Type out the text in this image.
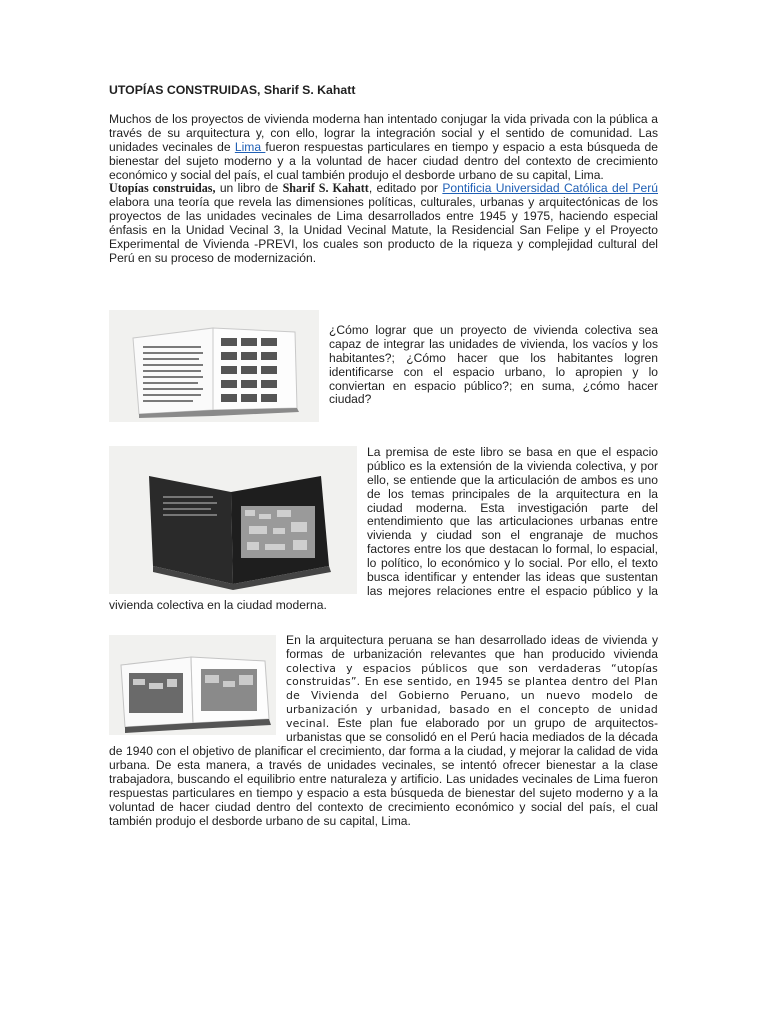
UTOPÍAS CONSTRUIDAS, Sharif S. Kahatt

Muchos de los proyectos de vivienda moderna han intentado conjugar la vida privada con la pública a través de su arquitectura y, con ello, lograr la integración social y el sentido de comunidad. Las unidades vecinales de Lima fueron respuestas particulares en tiempo y espacio a esta búsqueda de bienestar del sujeto moderno y a la voluntad de hacer ciudad dentro del contexto de crecimiento económico y social del país, el cual también produjo el desborde urbano de su capital, Lima.

Utopías construidas, un libro de Sharif S. Kahatt, editado por Pontificia Universidad Católica del Perú elabora una teoría que revela las dimensiones políticas, culturales, urbanas y arquitectónicas de los proyectos de las unidades vecinales de Lima desarrollados entre 1945 y 1975, haciendo especial énfasis en la Unidad Vecinal 3, la Unidad Vecinal Matute, la Residencial San Felipe y el Proyecto Experimental de Vivienda -PREVI, los cuales son producto de la riqueza y complejidad cultural del Perú en su proceso de modernización.

¿Cómo lograr que un proyecto de vivienda colectiva sea capaz de integrar las unidades de vivienda, los vacíos y los habitantes?; ¿Cómo hacer que los habitantes logren identificarse con el espacio urbano, lo apropien y lo conviertan en espacio público?; en suma, ¿cómo hacer ciudad?

La premisa de este libro se basa en que el espacio público es la extensión de la vivienda colectiva, y por ello, se entiende que la articulación de ambos es uno de los temas principales de la arquitectura en la ciudad moderna. Esta investigación parte del entendimiento que las articulaciones urbanas entre vivienda y ciudad son el engranaje de muchos factores entre los que destacan lo formal, lo espacial, lo político, lo económico y lo social. Por ello, el texto busca identificar y entender las ideas que sustentan las mejores relaciones entre el espacio público y la vivienda colectiva en la ciudad moderna.

En la arquitectura peruana se han desarrollado ideas de vivienda y formas de urbanización relevantes que han producido vivienda colectiva y espacios públicos que son verdaderas “utopías construidas”. En ese sentido, en 1945 se plantea dentro del Plan de Vivienda del Gobierno Peruano, un nuevo modelo de urbanización y urbanidad, basado en el concepto de unidad vecinal. Este plan fue elaborado por un grupo de arquitectos-urbanistas que se consolidó en el Perú hacia mediados de la década de 1940 con el objetivo de planificar el crecimiento, dar forma a la ciudad, y mejorar la calidad de vida urbana. De esta manera, a través de unidades vecinales, se intentó ofrecer bienestar a la clase trabajadora, buscando el equilibrio entre naturaleza y artificio. Las unidades vecinales de Lima fueron respuestas particulares en tiempo y espacio a esta búsqueda de bienestar del sujeto moderno y a la voluntad de hacer ciudad dentro del contexto de crecimiento económico y social del país, el cual también produjo el desborde urbano de su capital, Lima.
